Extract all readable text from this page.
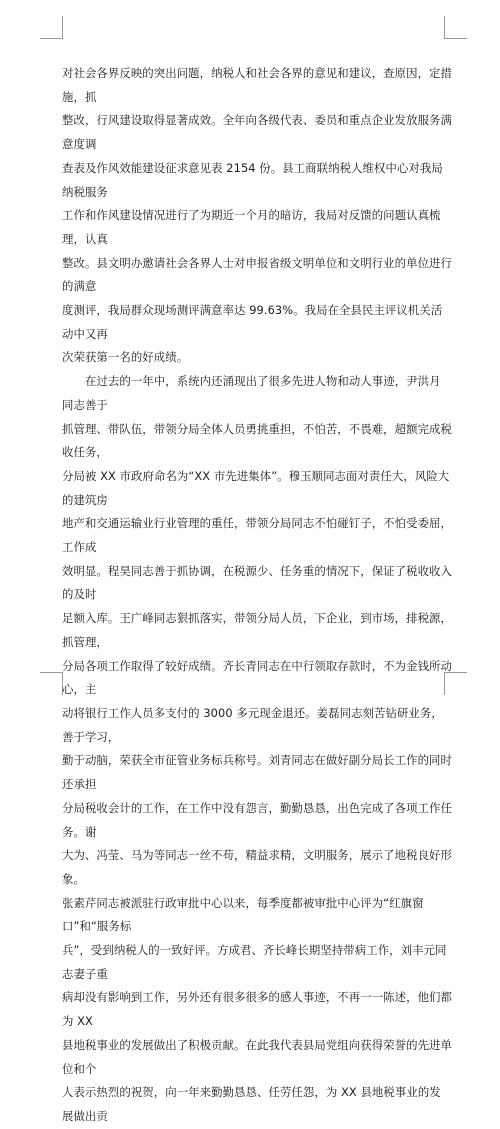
对社会各界反映的突出问题，纳税人和社会各界的意见和建议，查原因，定措施，抓
整改，行风建设取得显著成效。全年向各级代表、委员和重点企业发放服务满意度调
查表及作风效能建设征求意见表 2154 份。县工商联纳税人维权中心对我局纳税服务
工作和作风建设情况进行了为期近一个月的暗访，我局对反馈的问题认真梳理，认真
整改。县文明办邀请社会各界人士对申报省级文明单位和文明行业的单位进行的满意
度测评，我局群众现场测评满意率达 99.63%。我局在全县民主评议机关活动中又再
次荣获第一名的好成绩。

在过去的一年中，系统内还涌现出了很多先进人物和动人事迹，尹洪月同志善于
抓管理、带队伍，带领分局全体人员勇挑重担，不怕苦，不畏难，超额完成税收任务，
分局被 XX 市政府命名为“XX 市先进集体”。穆玉顺同志面对责任大，风险大的建筑房
地产和交通运输业行业管理的重任，带领分局同志不怕碰钉子，不怕受委屈，工作成
效明显。程昊同志善于抓协调，在税源少、任务重的情况下，保证了税收收入的及时
足额入库。王广峰同志狠抓落实，带领分局人员，下企业，到市场，排税源，抓管理，
分局各项工作取得了较好成绩。齐长青同志在中行领取存款时，不为金钱所动心，主
动将银行工作人员多支付的 3000 多元现金退还。姜磊同志刻苦钻研业务，善于学习，
勤于动脑，荣获全市征管业务标兵称号。刘青同志在做好副分局长工作的同时还承担
分局税收会计的工作，在工作中没有怨言，勤勤恳恳，出色完成了各项工作任务。谢
大为、冯莹、马为等同志一丝不苟，精益求精，文明服务，展示了地税良好形象。
张素芹同志被派驻行政审批中心以来，每季度都被审批中心评为“红旗窗口”和“服务标
兵”，受到纳税人的一致好评。方成君、齐长峰长期坚持带病工作，刘丰元同志妻子重
病却没有影响到工作，另外还有很多很多的感人事迹，不再一一陈述，他们都为 XX
县地税事业的发展做出了积极贡献。在此我代表县局党组向获得荣誉的先进单位和个
人表示热烈的祝贺，向一年来勤勤恳恳、任劳任怨，为 XX 县地税事业的发展做出贡
